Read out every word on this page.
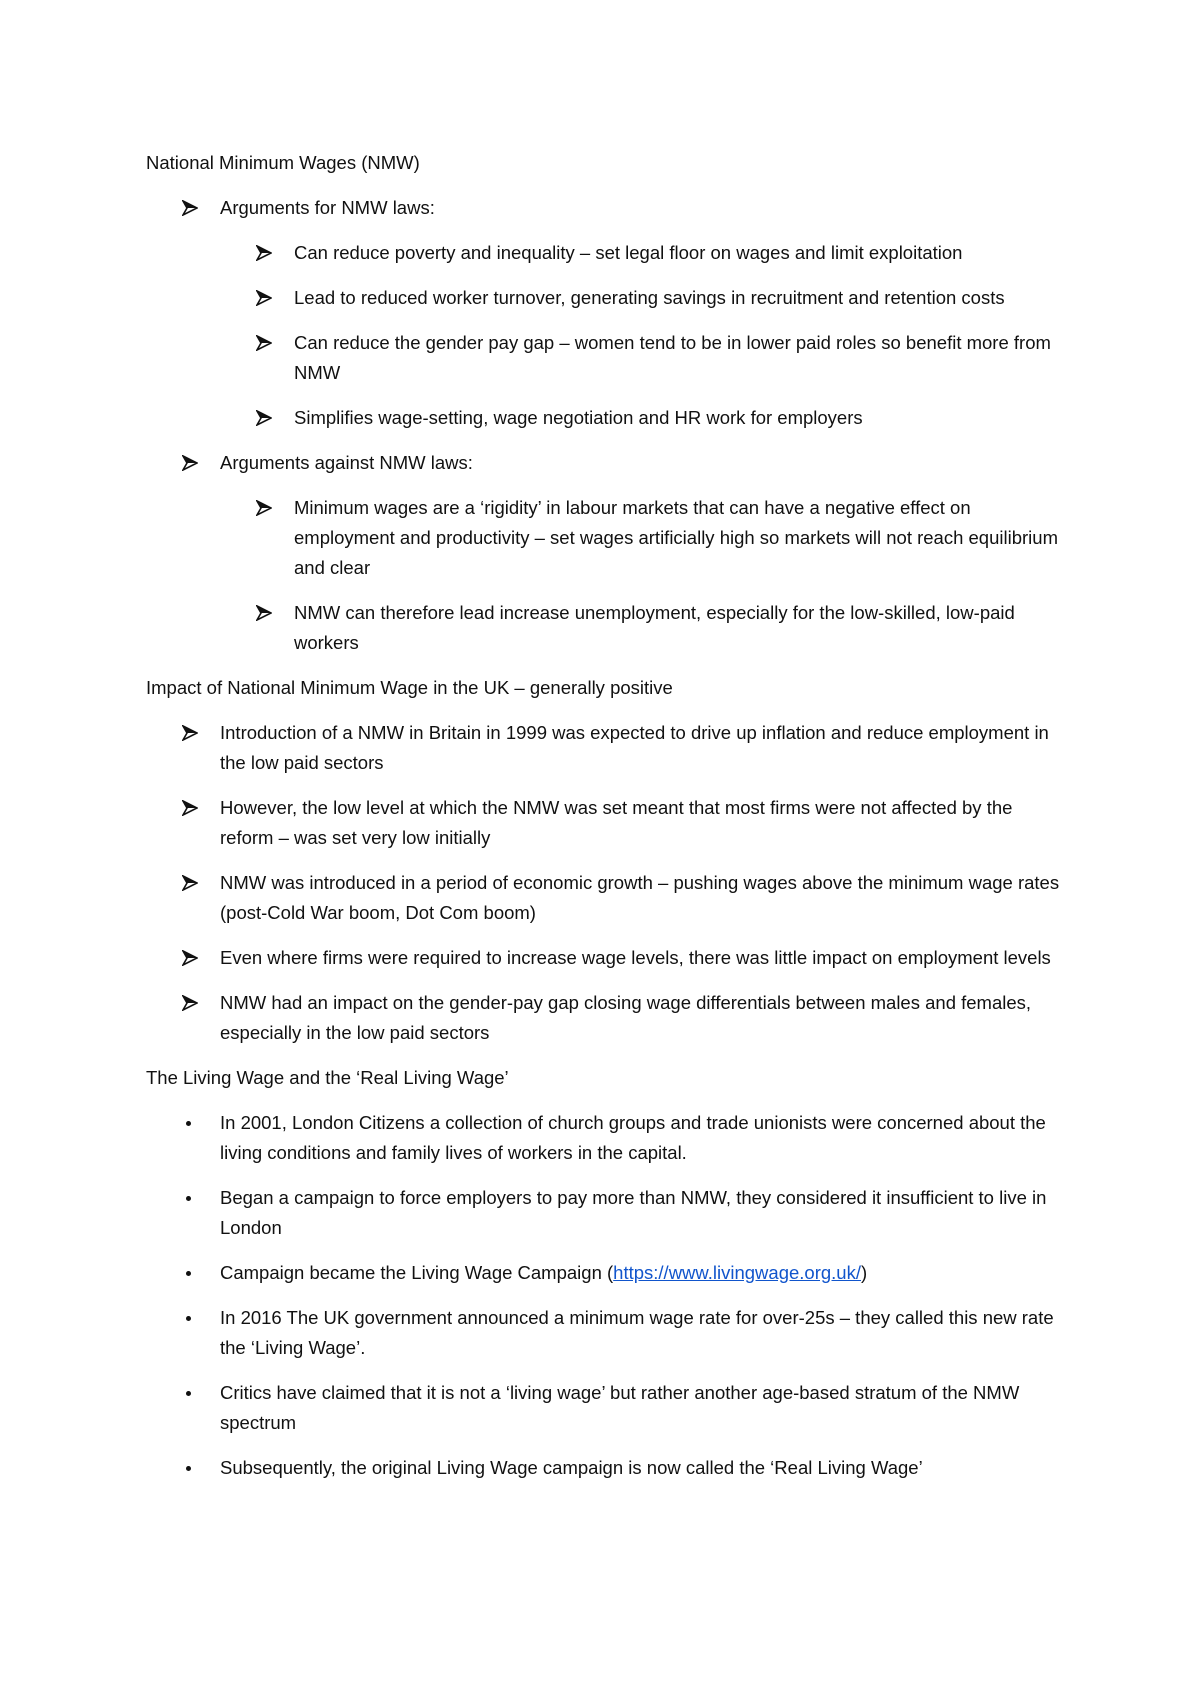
National Minimum Wages (NMW)

Arguments for NMW laws:
Can reduce poverty and inequality – set legal floor on wages and limit exploitation
Lead to reduced worker turnover, generating savings in recruitment and retention costs
Can reduce the gender pay gap – women tend to be in lower paid roles so benefit more from NMW
Simplifies wage-setting, wage negotiation and HR work for employers
Arguments against NMW laws:
Minimum wages are a ‘rigidity’ in labour markets that can have a negative effect on employment and productivity – set wages artificially high so markets will not reach equilibrium and clear
NMW can therefore lead increase unemployment, especially for the low-skilled, low-paid workers

Impact of National Minimum Wage in the UK – generally positive

Introduction of a NMW in Britain in 1999 was expected to drive up inflation and reduce employment in the low paid sectors
However, the low level at which the NMW was set meant that most firms were not affected by the reform – was set very low initially
NMW was introduced in a period of economic growth – pushing wages above the minimum wage rates (post-Cold War boom, Dot Com boom)
Even where firms were required to increase wage levels, there was little impact on employment levels
NMW had an impact on the gender-pay gap closing wage differentials between males and females, especially in the low paid sectors

The Living Wage and the ‘Real Living Wage’

In 2001, London Citizens a collection of church groups and trade unionists were concerned about the living conditions and family lives of workers in the capital.
Began a campaign to force employers to pay more than NMW, they considered it insufficient to live in London
Campaign became the Living Wage Campaign (https://www.livingwage.org.uk/)
In 2016 The UK government announced a minimum wage rate for over-25s – they called this new rate the ‘Living Wage’.
Critics have claimed that it is not a ‘living wage’ but rather another age-based stratum of the NMW spectrum
Subsequently, the original Living Wage campaign is now called the ‘Real Living Wage’
